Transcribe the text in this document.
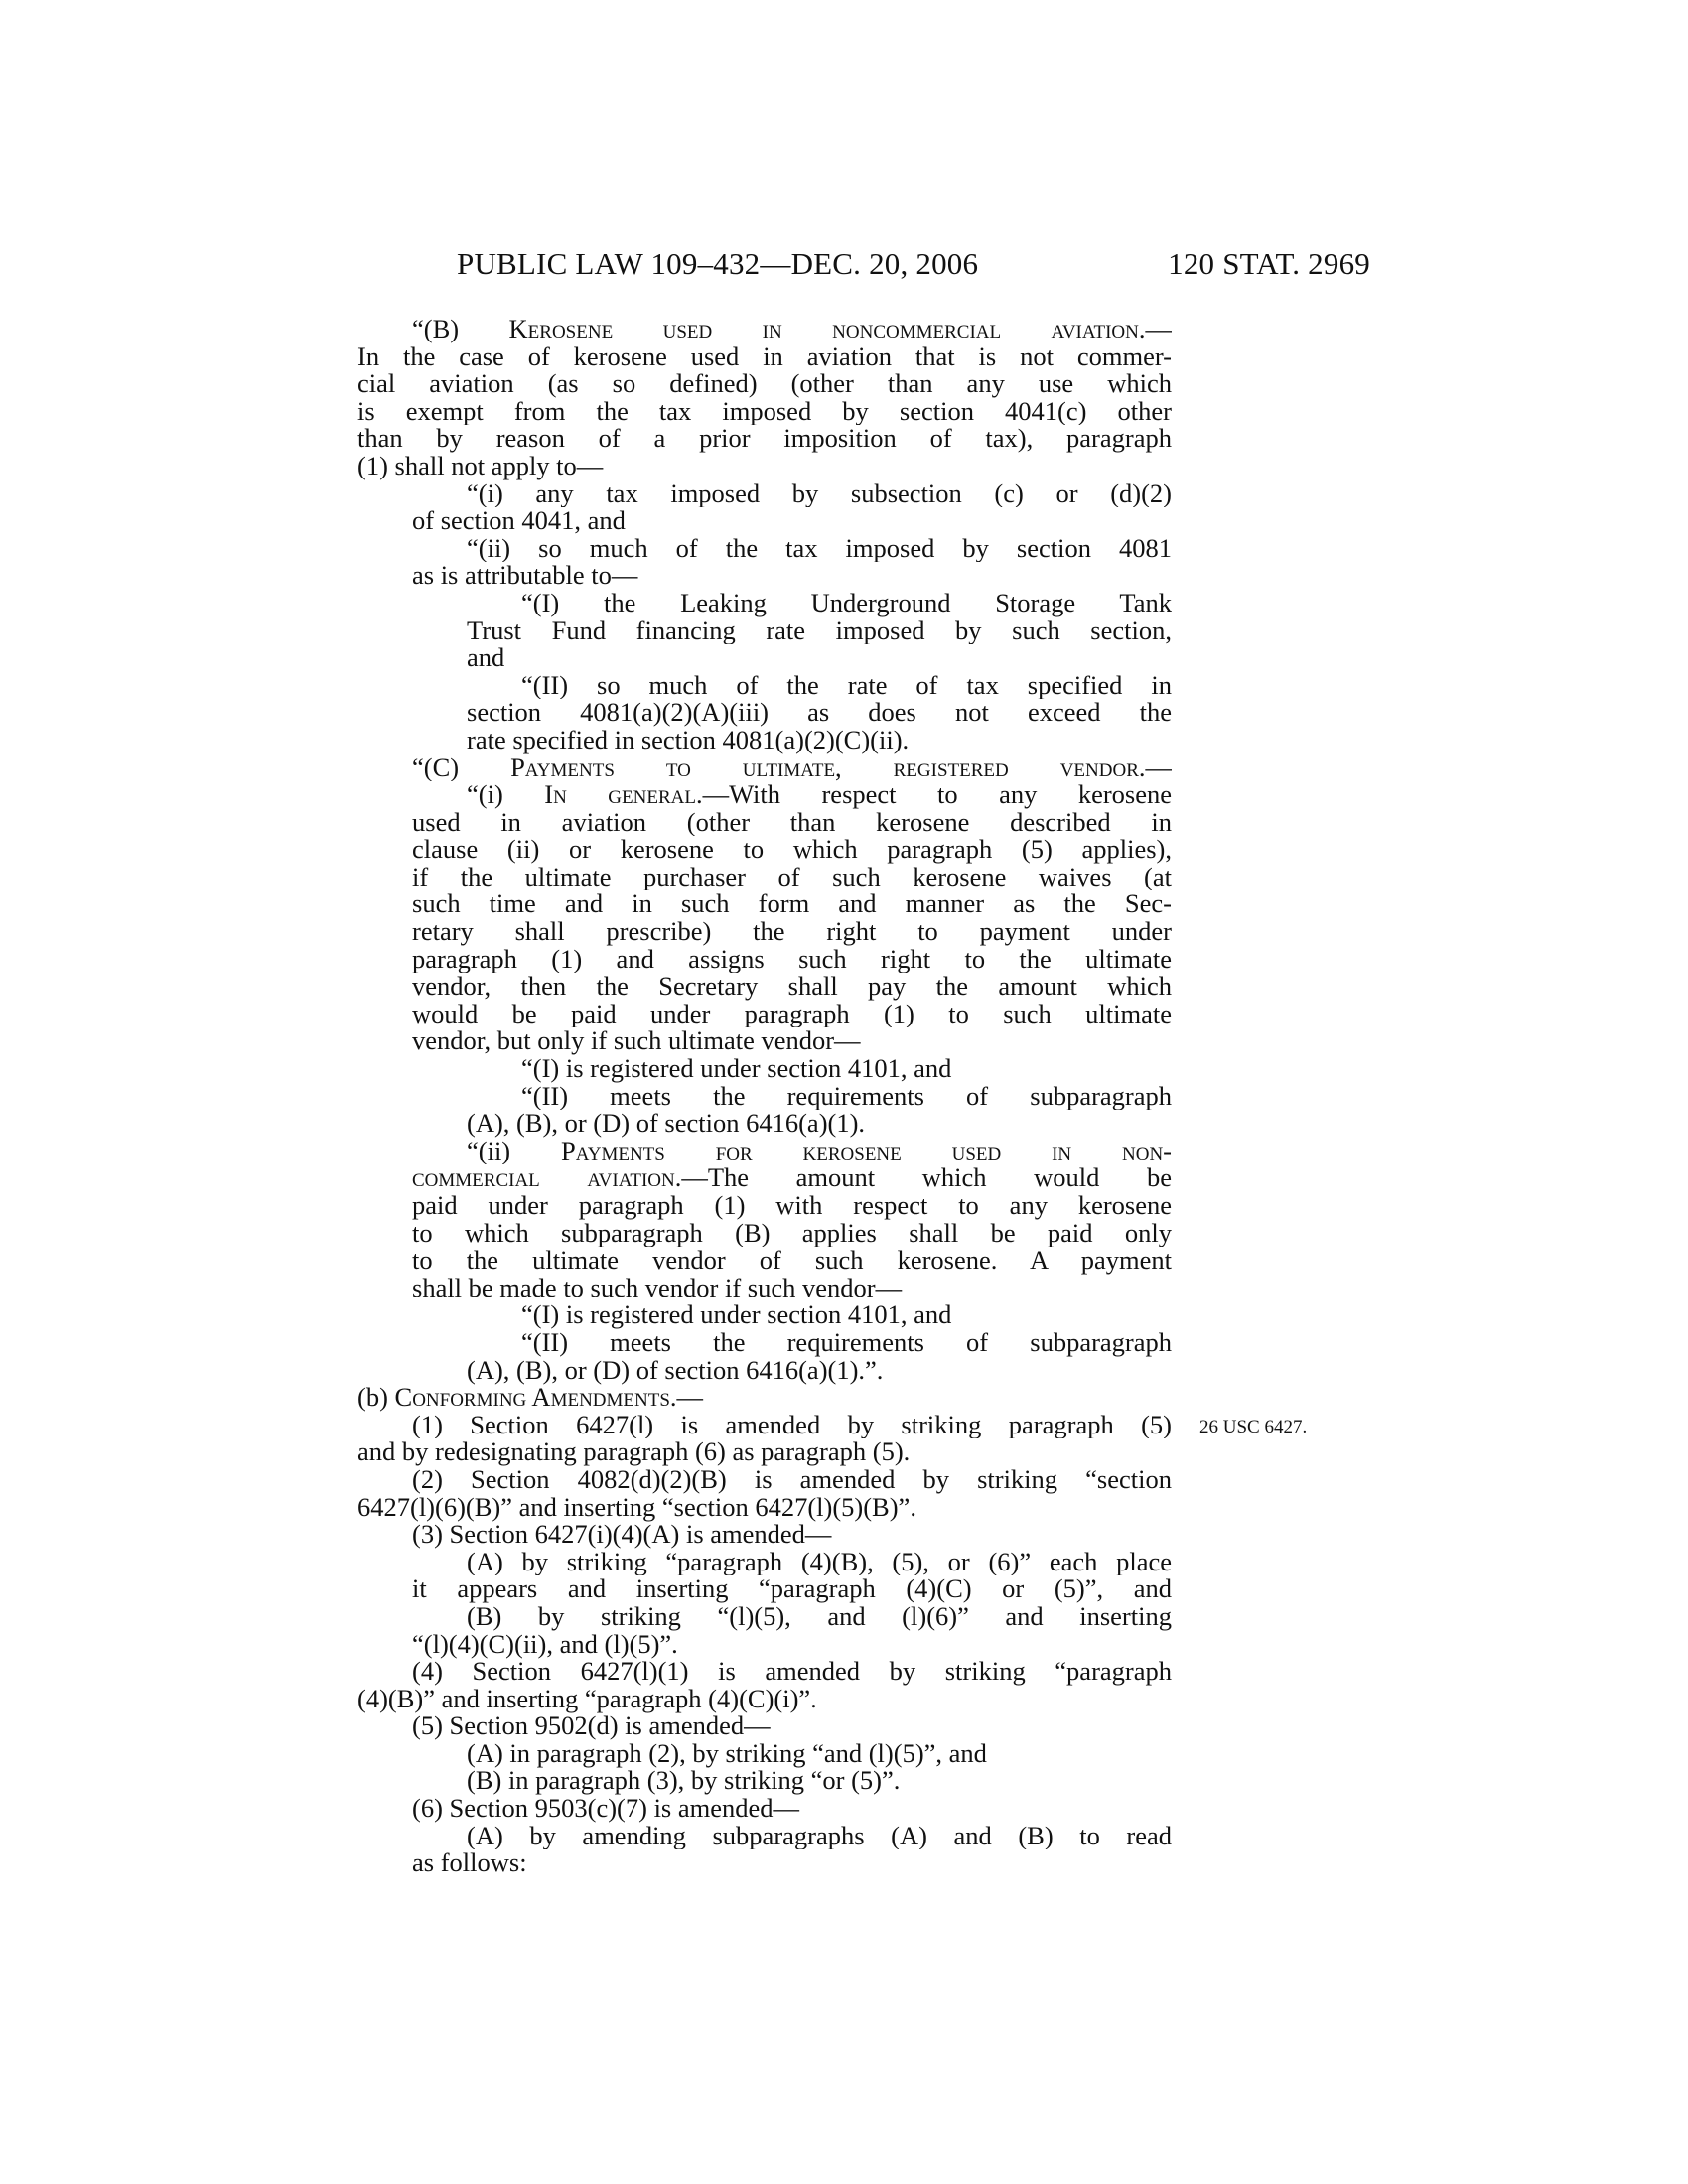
PUBLIC LAW 109–432—DEC. 20, 2006	120 STAT. 2969
“(B) Kerosene used in noncommercial aviation.—
In the case of kerosene used in aviation that is not commer-
cial aviation (as so defined) (other than any use which
is exempt from the tax imposed by section 4041(c) other
than by reason of a prior imposition of tax), paragraph
(1) shall not apply to—
“(i) any tax imposed by subsection (c) or (d)(2)
of section 4041, and
“(ii) so much of the tax imposed by section 4081
as is attributable to—
“(I) the Leaking Underground Storage Tank
Trust Fund financing rate imposed by such section,
and
“(II) so much of the rate of tax specified in
section 4081(a)(2)(A)(iii) as does not exceed the
rate specified in section 4081(a)(2)(C)(ii).
“(C) Payments to ultimate, registered vendor.—
“(i) In general.—With respect to any kerosene
used in aviation (other than kerosene described in
clause (ii) or kerosene to which paragraph (5) applies),
if the ultimate purchaser of such kerosene waives (at
such time and in such form and manner as the Sec-
retary shall prescribe) the right to payment under
paragraph (1) and assigns such right to the ultimate
vendor, then the Secretary shall pay the amount which
would be paid under paragraph (1) to such ultimate
vendor, but only if such ultimate vendor—
“(I) is registered under section 4101, and
“(II) meets the requirements of subparagraph
(A), (B), or (D) of section 6416(a)(1).
“(ii) Payments for kerosene used in non-
commercial aviation.—The amount which would be
paid under paragraph (1) with respect to any kerosene
to which subparagraph (B) applies shall be paid only
to the ultimate vendor of such kerosene. A payment
shall be made to such vendor if such vendor—
“(I) is registered under section 4101, and
“(II) meets the requirements of subparagraph
(A), (B), or (D) of section 6416(a)(1).”.
(b) Conforming Amendments.—
(1) Section 6427(l) is amended by striking paragraph (5)
and by redesignating paragraph (6) as paragraph (5).
(2) Section 4082(d)(2)(B) is amended by striking “section
6427(l)(6)(B)” and inserting “section 6427(l)(5)(B)”.
(3) Section 6427(i)(4)(A) is amended—
(A) by striking “paragraph (4)(B), (5), or (6)” each place
it appears and inserting “paragraph (4)(C) or (5)”, and
(B) by striking “(l)(5), and (l)(6)” and inserting
“(l)(4)(C)(ii), and (l)(5)”.
(4) Section 6427(l)(1) is amended by striking “paragraph
(4)(B)” and inserting “paragraph (4)(C)(i)”.
(5) Section 9502(d) is amended—
(A) in paragraph (2), by striking “and (l)(5)”, and
(B) in paragraph (3), by striking “or (5)”.
(6) Section 9503(c)(7) is amended—
(A) by amending subparagraphs (A) and (B) to read
as follows:
26 USC 6427.
